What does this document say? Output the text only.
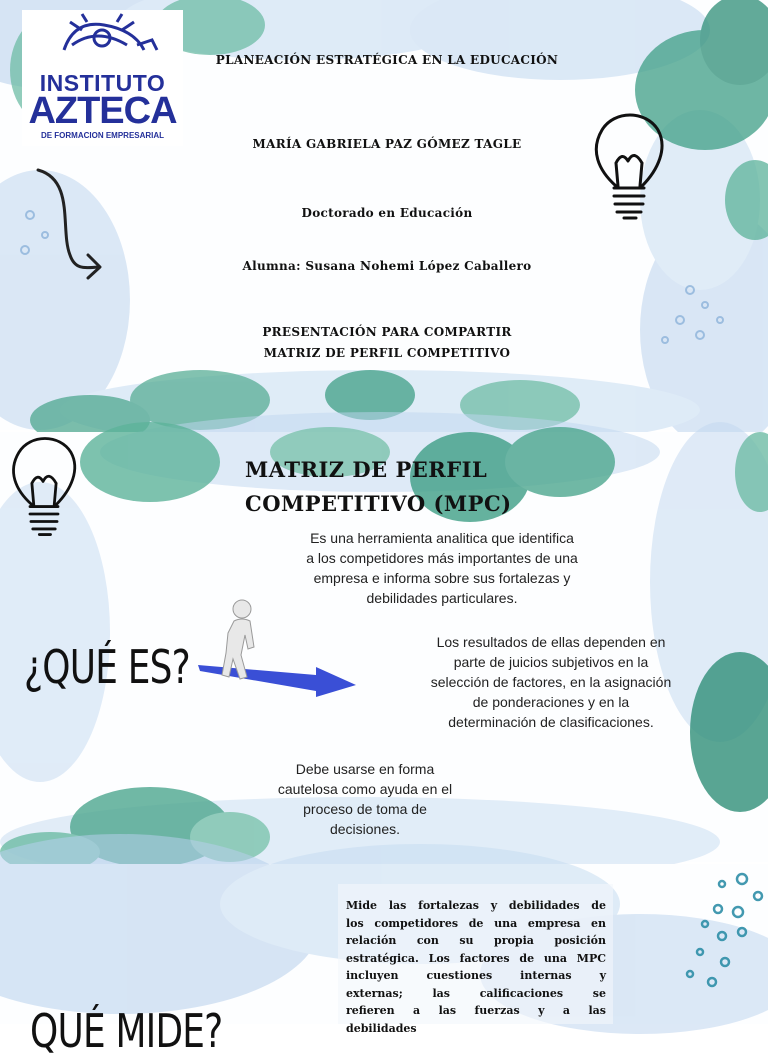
INSTITUTO
AZTECA
DE FORMACION EMPRESARIAL
PLANEACIÓN ESTRATÉGICA EN LA EDUCACIÓN
MARÍA GABRIELA PAZ GÓMEZ TAGLE
Doctorado en Educación
Alumna: Susana Nohemi López Caballero
PRESENTACIÓN PARA COMPARTIR
MATRIZ DE PERFIL COMPETITIVO
MATRIZ DE PERFIL
COMPETITIVO (MPC)
Es una herramienta analitica que identifica
a los competidores más importantes de una
empresa e informa sobre sus fortalezas y
debilidades particulares.
¿QUÉ ES?	Los resultados de ellas dependen en
parte de juicios subjetivos en la
selección de factores, en la asignación
de ponderaciones y en la
determinación de clasificaciones.
Debe usarse en forma
cautelosa como ayuda en el
proceso de toma de
decisiones.
Mide las fortalezas y debilidades de
los competidores de una empresa en
relación con su propia posición
estratégica. Los factores de una MPC
incluyen cuestiones internas y
externas; las calificaciones se
refieren a las fuerzas y a las
debilidades
QUÉ MIDE?
